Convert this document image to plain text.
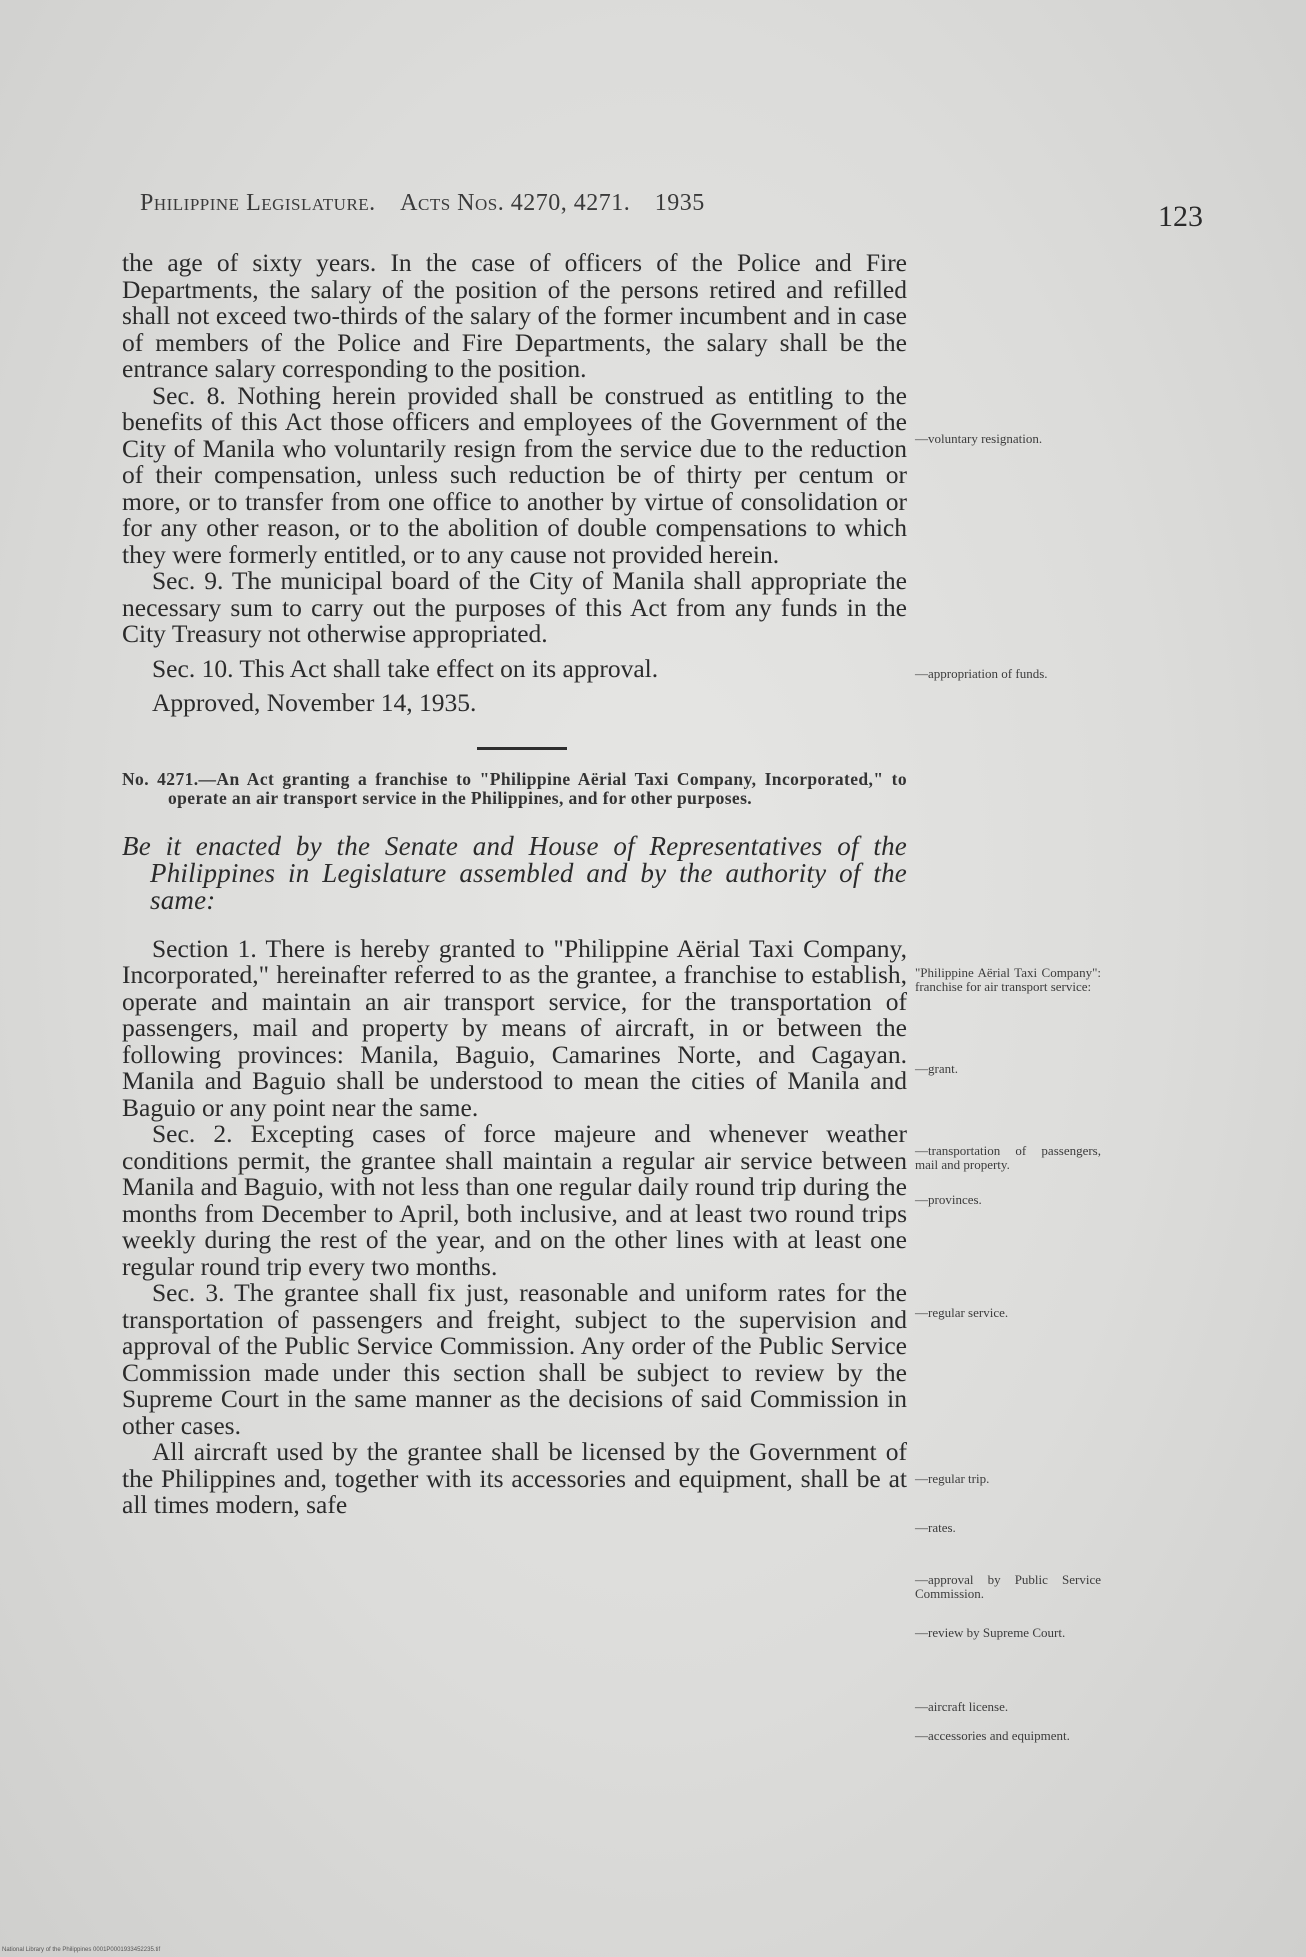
Philippine Legislature. Acts Nos. 4270, 4271. 1935	123

the age of sixty years. In the case of officers of the Police and Fire Departments, the salary of the position of the persons retired and refilled shall not exceed two-thirds of the salary of the former incumbent and in case of members of the Police and Fire Departments, the salary shall be the entrance salary corresponding to the position.

Sec. 8. Nothing herein provided shall be construed as entitling to the benefits of this Act those officers and employees of the Government of the City of Manila who voluntarily resign from the service due to the reduction of their compensation, unless such reduction be of thirty per centum or more, or to transfer from one office to another by virtue of consolidation or for any other reason, or to the abolition of double compensations to which they were formerly entitled, or to any cause not provided herein.

Sec. 9. The municipal board of the City of Manila shall appropriate the necessary sum to carry out the purposes of this Act from any funds in the City Treasury not otherwise appropriated.

Sec. 10. This Act shall take effect on its approval.

Approved, November 14, 1935.

No. 4271.—An Act granting a franchise to "Philippine Aërial Taxi Company, Incorporated," to operate an air transport service in the Philippines, and for other purposes.

Be it enacted by the Senate and House of Representatives of the Philippines in Legislature assembled and by the authority of the same:

Section 1. There is hereby granted to "Philippine Aërial Taxi Company, Incorporated," hereinafter referred to as the grantee, a franchise to establish, operate and maintain an air transport service, for the transportation of passengers, mail and property by means of aircraft, in or between the following provinces: Manila, Baguio, Camarines Norte, and Cagayan. Manila and Baguio shall be understood to mean the cities of Manila and Baguio or any point near the same.

Sec. 2. Excepting cases of force majeure and whenever weather conditions permit, the grantee shall maintain a regular air service between Manila and Baguio, with not less than one regular daily round trip during the months from December to April, both inclusive, and at least two round trips weekly during the rest of the year, and on the other lines with at least one regular round trip every two months.

Sec. 3. The grantee shall fix just, reasonable and uniform rates for the transportation of passengers and freight, subject to the supervision and approval of the Public Service Commission. Any order of the Public Service Commission made under this section shall be subject to review by the Supreme Court in the same manner as the decisions of said Commission in other cases.

All aircraft used by the grantee shall be licensed by the Government of the Philippines and, together with its accessories and equipment, shall be at all times modern, safe

—voluntary resignation.
—appropriation of funds.
"Philippine Aërial Taxi Company": franchise for air transport service:
—grant.
—transportation of passengers, mail and property.
—provinces.
—regular service.
—regular trip.
—rates.
—approval by Public Service Commission.
—review by Supreme Court.
—aircraft license.
—accessories and equipment.
National Library of the Philippines 0001P0001933452235.tif
